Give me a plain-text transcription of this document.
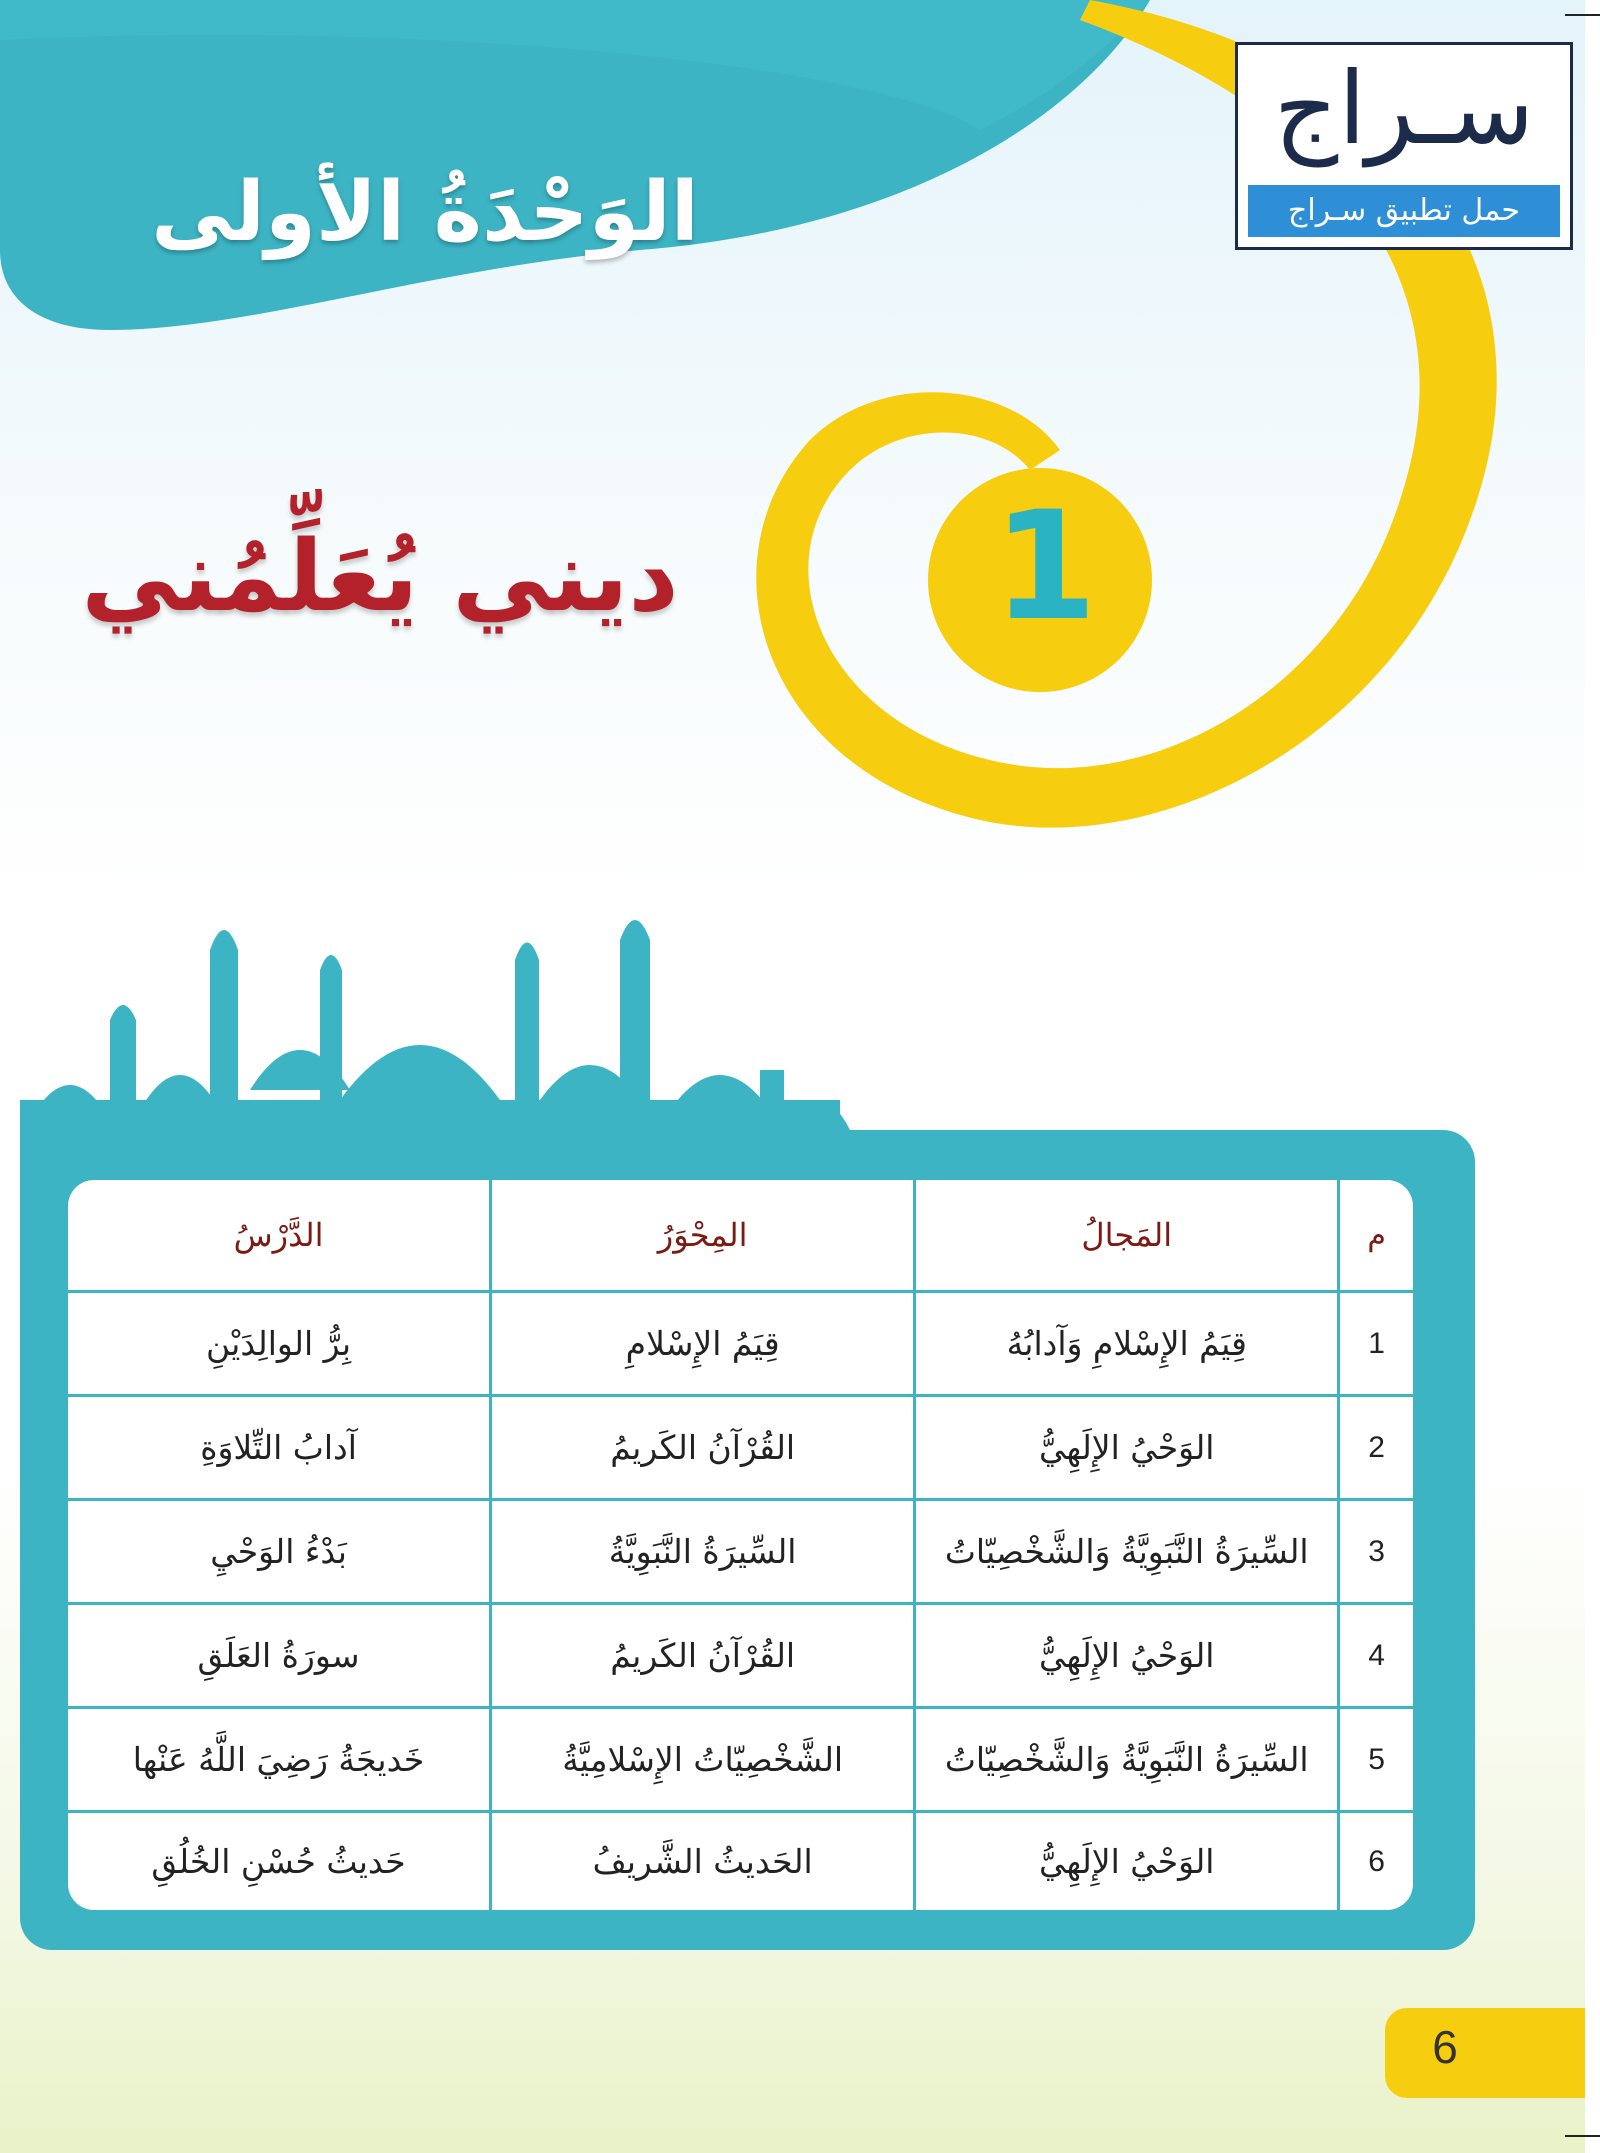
الوَحْدَةُ الأولى
1
ديني يُعَلِّمُني
سـراج
حمل تطبيق سـراج
م	المَجالُ	المِحْوَرُ	الدَّرْسُ
1	قِيَمُ الإِسْلامِ وَآدابُهُ	قِيَمُ الإِسْلامِ	بِرُّ الوالِدَيْنِ
2	الوَحْيُ الإِلَهِيُّ	القُرْآنُ الكَريمُ	آدابُ التِّلاوَةِ
3	السِّيرَةُ النَّبَوِيَّةُ وَالشَّخْصِيّاتُ	السِّيرَةُ النَّبَوِيَّةُ	بَدْءُ الوَحْيِ
4	الوَحْيُ الإِلَهِيُّ	القُرْآنُ الكَريمُ	سورَةُ العَلَقِ
5	السِّيرَةُ النَّبَوِيَّةُ وَالشَّخْصِيّاتُ	الشَّخْصِيّاتُ الإِسْلامِيَّةُ	خَديجَةُ رَضِيَ اللَّهُ عَنْها
6	الوَحْيُ الإِلَهِيُّ	الحَديثُ الشَّريفُ	حَديثُ حُسْنِ الخُلُقِ
6
